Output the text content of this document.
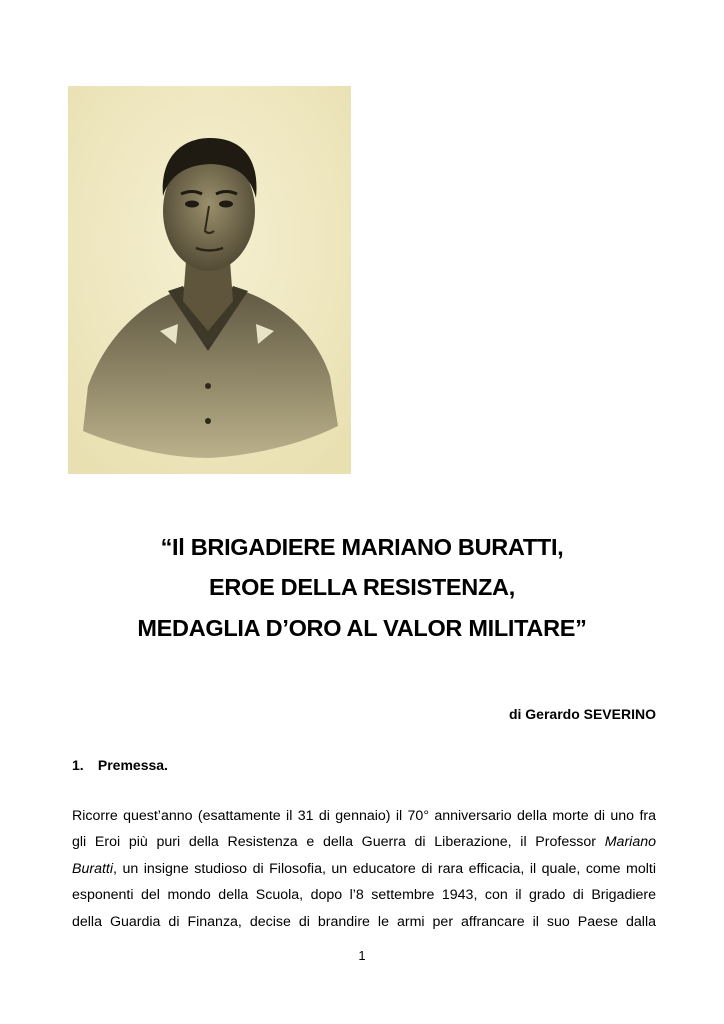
“Il BRIGADIERE MARIANO BURATTI,
EROE DELLA RESISTENZA,
MEDAGLIA D’ORO AL VALOR MILITARE”
di Gerardo SEVERINO
1. Premessa.
Ricorre quest’anno (esattamente il 31 di gennaio) il 70° anniversario della morte di uno fra
gli Eroi più puri della Resistenza e della Guerra di Liberazione, il Professor Mariano
Buratti, un insigne studioso di Filosofia, un educatore di rara efficacia, il quale, come molti
esponenti del mondo della Scuola, dopo l’8 settembre 1943, con il grado di Brigadiere
della Guardia di Finanza, decise di brandire le armi per affrancare il suo Paese dalla
1
